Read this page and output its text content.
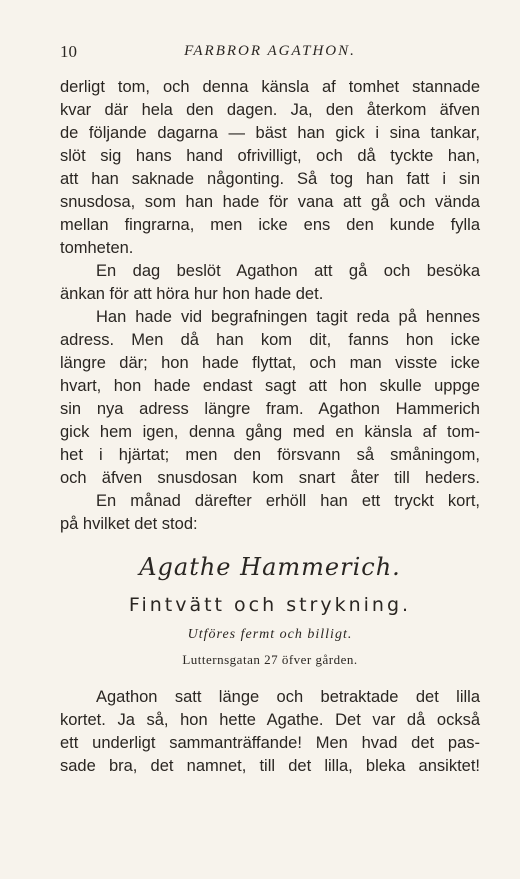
10	FARBROR AGATHON.
derligt tom, och denna känsla af tomhet stannade
kvar där hela den dagen. Ja, den återkom äfven
de följande dagarna — bäst han gick i sina tankar,
slöt sig hans hand ofrivilligt, och då tyckte han,
att han saknade någonting. Så tog han fatt i sin
snusdosa, som han hade för vana att gå och vända
mellan fingrarna, men icke ens den kunde fylla
tomheten.
En dag beslöt Agathon att gå och besöka
änkan för att höra hur hon hade det.
Han hade vid begrafningen tagit reda på hennes
adress. Men då han kom dit, fanns hon icke
längre där; hon hade flyttat, och man visste icke
hvart, hon hade endast sagt att hon skulle uppge
sin nya adress längre fram. Agathon Hammerich
gick hem igen, denna gång med en känsla af tom-
het i hjärtat; men den försvann så småningom,
och äfven snusdosan kom snart åter till heders.
En månad därefter erhöll han ett tryckt kort,
på hvilket det stod:
Agathe Hammerich.
Fintvätt och strykning.
Utföres fermt och billigt.
Lutternsgatan 27 öfver gården.
Agathon satt länge och betraktade det lilla
kortet. Ja så, hon hette Agathe. Det var då också
ett underligt sammanträffande! Men hvad det pas-
sade bra, det namnet, till det lilla, bleka ansiktet!
